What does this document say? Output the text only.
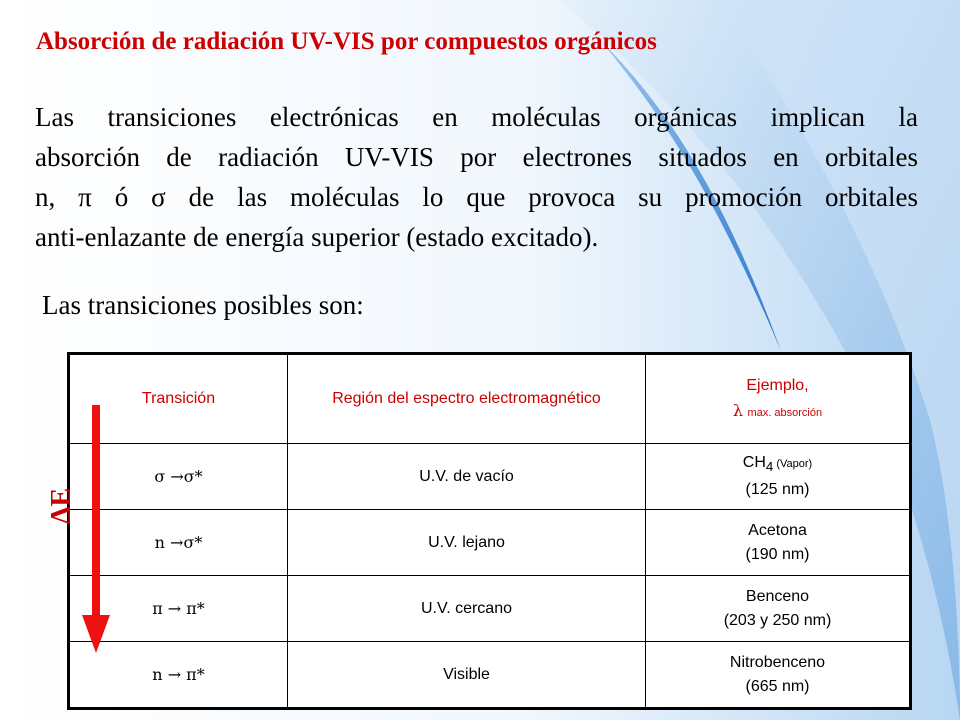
Absorción de radiación UV-VIS por compuestos orgánicos
Las transiciones electrónicas en moléculas orgánicas implican la
absorción de radiación UV-VIS por electrones situados en orbitales
n, π ó σ de las moléculas lo que provoca su promoción orbitales
anti-enlazante de energía superior (estado excitado).
Las transiciones posibles son:
Transición	Región del espectro electromagnético	Ejemplo,
λ max. absorción

σ →σ*	U.V. de vacío	$CH_4$ (Vapor)
(125 nm)

n →σ*	U.V. lejano	Acetona
(190 nm)

π → π*	U.V. cercano	Benceno
(203 y 250 nm)

n → π*	Visible	Nitrobenceno
(665 nm)
ΔE
